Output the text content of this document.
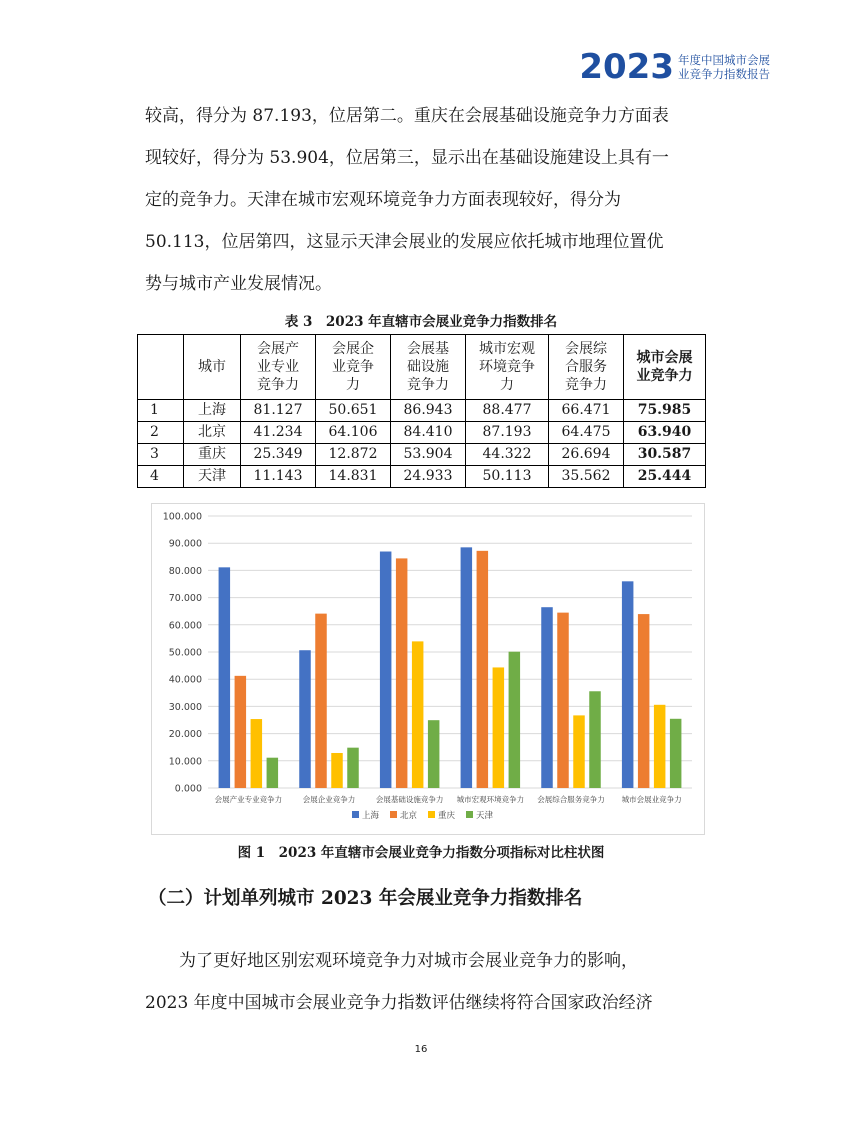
2023 年度中国城市会展
业竞争力指数报告
较高，得分为 87.193，位居第二。重庆在会展基础设施竞争力方面表
现较好，得分为 53.904，位居第三，显示出在基础设施建设上具有一
定的竞争力。天津在城市宏观环境竞争力方面表现较好，得分为
50.113，位居第四，这显示天津会展业的发展应依托城市地理位置优
势与城市产业发展情况。
表 3　2023 年直辖市会展业竞争力指数排名
	城市	会展产
业专业
竞争力	会展企
业竞争
力	会展基
础设施
竞争力	城市宏观
环境竞争
力	会展综
合服务
竞争力	城市会展
业竞争力
1	上海	81.127	50.651	86.943	88.477	66.471	75.985
2	北京	41.234	64.106	84.410	87.193	64.475	63.940
3	重庆	25.349	12.872	53.904	44.322	26.694	30.587
4	天津	11.143	14.831	24.933	50.113	35.562	25.444
0.000
10.000
20.000
30.000
40.000
50.000
60.000
70.000
80.000
90.000
100.000
会展产业专业竞争力	会展企业竞争力	会展基础设施竞争力 城市宏观环境竞争力 会展综合服务竞争力 城市会展业竞争力
上海 北京 重庆 天津
图 1　2023 年直辖市会展业竞争力指数分项指标对比柱状图
（二）计划单列城市 2023 年会展业竞争力指数排名
为了更好地区别宏观环境竞争力对城市会展业竞争力的影响，
2023 年度中国城市会展业竞争力指数评估继续将符合国家政治经济
16
